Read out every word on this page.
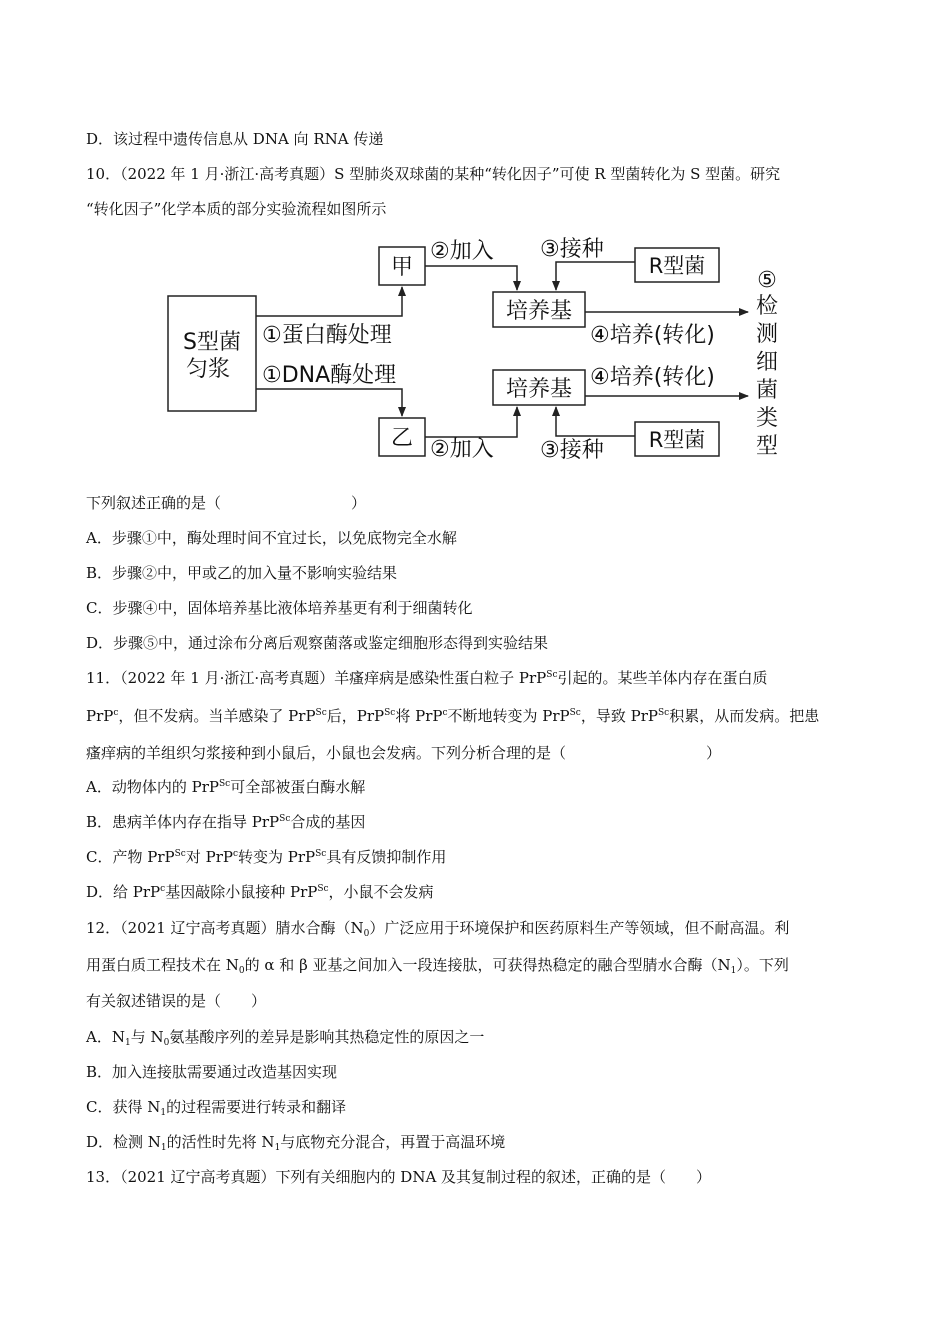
D．该过程中遗传信息从 DNA 向 RNA 传递
10．（2022 年 1 月·浙江·高考真题）S 型肺炎双球菌的某种“转化因子”可使 R 型菌转化为 S 型菌。研究
“转化因子”化学本质的部分实验流程如图所示
S型菌
匀浆
甲
乙
①蛋白酶处理
①DNA酶处理
培养基
培养基
②加入
②加入
R型菌
③接种
R型菌
③接种
④培养(转化)
④培养(转化)
⑤
检
测
细
菌
类
型
下列叙述正确的是（	）
A．步骤①中，酶处理时间不宜过长，以免底物完全水解
B．步骤②中，甲或乙的加入量不影响实验结果
C．步骤④中，固体培养基比液体培养基更有利于细菌转化
D．步骤⑤中，通过涂布分离后观察菌落或鉴定细胞形态得到实验结果
11．（2022 年 1 月·浙江·高考真题）羊瘙痒病是感染性蛋白粒子 PrP$^{Sc}$引起的。某些羊体内存在蛋白质
PrP$^c$，但不发病。当羊感染了 PrP$^{Sc}$后，PrP$^{Sc}$将 PrP$^c$不断地转变为 PrP$^{Sc}$，导致 PrP$^{Sc}$积累，从而发病。把患
瘙痒病的羊组织匀浆接种到小鼠后，小鼠也会发病。下列分析合理的是（	）
A．动物体内的 PrP$^{Sc}$可全部被蛋白酶水解
B．患病羊体内存在指导 PrP$^{Sc}$合成的基因
C．产物 PrP$^{Sc}$对 PrP$^c$转变为 PrP$^{Sc}$具有反馈抑制作用
D．给 PrP$^c$基因敲除小鼠接种 PrP$^{Sc}$，小鼠不会发病
12．（2021 辽宁高考真题）腈水合酶$(N_0)$广泛应用于环境保护和医药原料生产等领域，但不耐高温。利
用蛋白质工程技术在 $N_0$的 α 和 β 亚基之间加入一段连接肽，可获得热稳定的融合型腈水合酶$(N_1)$。下列
有关叙述错误的是（　　）
A．$N_1$与 $N_0$氨基酸序列的差异是影响其热稳定性的原因之一
B．加入连接肽需要通过改造基因实现
C．获得 $N_1$的过程需要进行转录和翻译
D．检测 $N_1$的活性时先将 $N_1$与底物充分混合，再置于高温环境
13．（2021 辽宁高考真题）下列有关细胞内的 DNA 及其复制过程的叙述，正确的是（　　）
